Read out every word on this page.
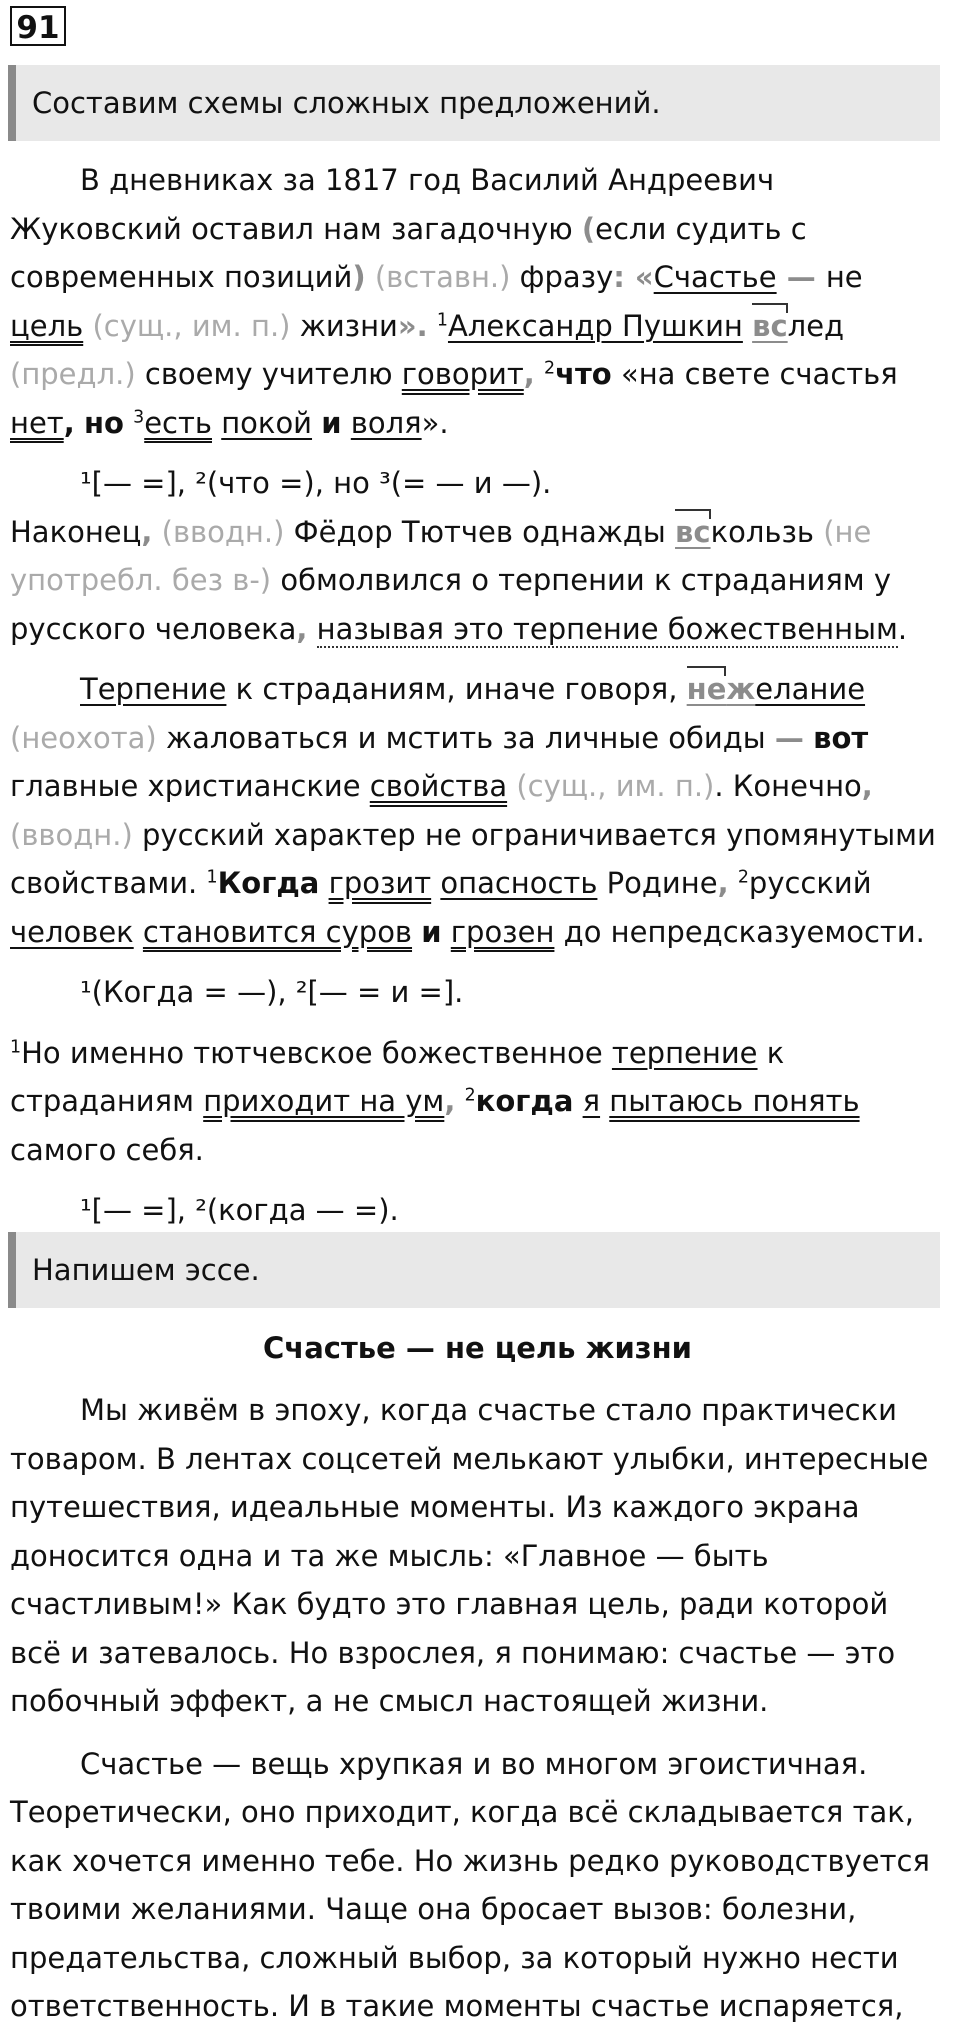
91
Составим схемы сложных предложений.

В дневниках за 1817 год Василий Андреевич Жуковский оставил нам загадочную (если судить с современных позиций) (вставн.) фразу: «Счастье — не цель (сущ., им. п.) жизни». $^1$Александр Пушкин вслед (предл.) своему учителю говорит, $^2$что «на свете счастья нет, но $^3$есть покой и воля».

¹[— =], ²(что =), но ³(= — и —).

Наконец, (вводн.) Фёдор Тютчев однажды вскользь (не употребл. без в-) обмолвился о терпении к страданиям у русского человека, называя это терпение божественным.

Терпение к страданиям, иначе говоря, нежелание (неохота) жаловаться и мстить за личные обиды — вот главные христианские свойства (сущ., им. п.). Конечно, (вводн.) русский характер не ограничивается упомянутыми свойствами. $^1$Когда грозит опасность Родине, $^2$русский человек становится суров и грозен до непредсказуемости.

¹(Когда = —), ²[— = и =].

$^1$Но именно тютчевское божественное терпение к страданиям приходит на ум, $^2$когда я пытаюсь понять самого себя.

¹[— =], ²(когда — =).

Напишем эссе.

Счастье — не цель жизни

Мы живём в эпоху, когда счастье стало практически товаром. В лентах соцсетей мелькают улыбки, интересные путешествия, идеальные моменты. Из каждого экрана доносится одна и та же мысль: «Главное — быть счастливым!» Как будто это главная цель, ради которой всё и затевалось. Но взрослея, я понимаю: счастье — это побочный эффект, а не смысл настоящей жизни.

Счастье — вещь хрупкая и во многом эгоистичная. Теоретически, оно приходит, когда всё складывается так, как хочется именно тебе. Но жизнь редко руководствуется твоими желаниями. Чаще она бросает вызов: болезни, предательства, сложный выбор, за который нужно нести ответственность. И в такие моменты счастье испаряется,
